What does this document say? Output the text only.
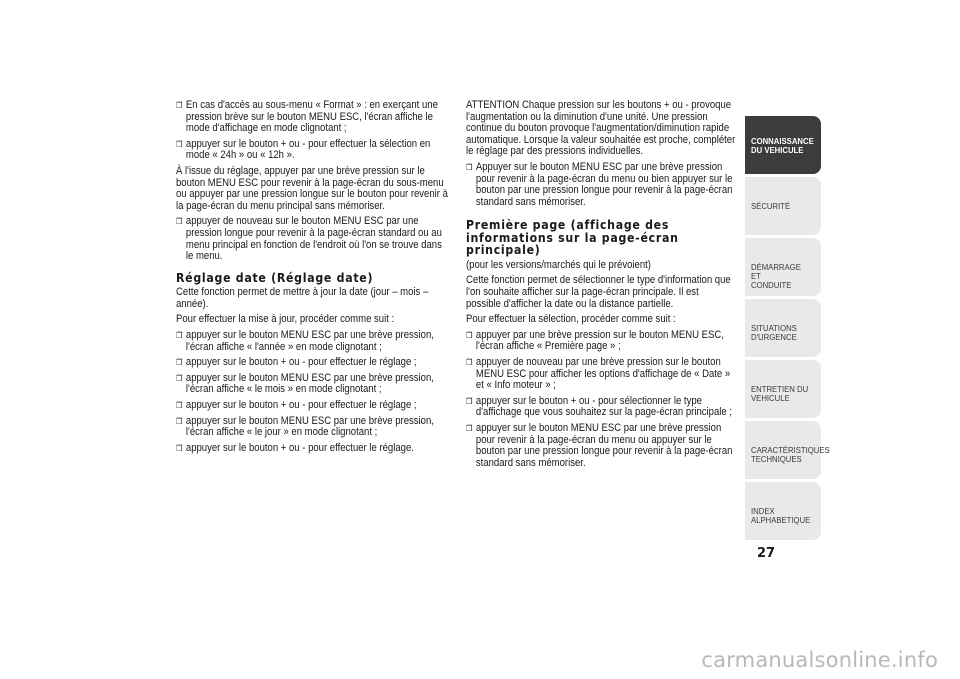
❒ En cas d'accès au sous-menu « Format » : en exerçant une pression brève sur le bouton MENU ESC, l'écran affiche le mode d'affichage en mode clignotant ;
❒ appuyer sur le bouton + ou - pour effectuer la sélection en mode « 24h » ou « 12h ».
À l'issue du réglage, appuyer par une brève pression sur le bouton MENU ESC pour revenir à la page-écran du sous-menu ou appuyer par une pression longue sur le bouton pour revenir à la page-écran du menu principal sans mémoriser.
❒ appuyer de nouveau sur le bouton MENU ESC par une pression longue pour revenir à la page-écran standard ou au menu principal en fonction de l'endroit où l'on se trouve dans le menu.
Réglage date (Réglage date)
Cette fonction permet de mettre à jour la date (jour – mois – année).
Pour effectuer la mise à jour, procéder comme suit :
❒ appuyer sur le bouton MENU ESC par une brève pression, l'écran affiche « l'année » en mode clignotant ;
❒ appuyer sur le bouton + ou - pour effectuer le réglage ;
❒ appuyer sur le bouton MENU ESC par une brève pression, l'écran affiche « le mois » en mode clignotant ;
❒ appuyer sur le bouton + ou - pour effectuer le réglage ;
❒ appuyer sur le bouton MENU ESC par une brève pression, l'écran affiche « le jour » en mode clignotant ;
❒ appuyer sur le bouton + ou - pour effectuer le réglage.
ATTENTION Chaque pression sur les boutons + ou - provoque l'augmentation ou la diminution d'une unité. Une pression continue du bouton provoque l'augmentation/diminution rapide automatique. Lorsque la valeur souhaitée est proche, compléter le réglage par des pressions individuelles.
❒ Appuyer sur le bouton MENU ESC par une brève pression pour revenir à la page-écran du menu ou bien appuyer sur le bouton par une pression longue pour revenir à la page-écran standard sans mémoriser.
Première page (affichage des informations sur la page-écran principale)
(pour les versions/marchés qui le prévoient)
Cette fonction permet de sélectionner le type d'information que l'on souhaite afficher sur la page-écran principale. Il est possible d'afficher la date ou la distance partielle.
Pour effectuer la sélection, procéder comme suit :
❒ appuyer par une brève pression sur le bouton MENU ESC, l'écran affiche « Première page » ;
❒ appuyer de nouveau par une brève pression sur le bouton MENU ESC pour afficher les options d'affichage de « Date » et « Info moteur » ;
❒ appuyer sur le bouton + ou - pour sélectionner le type d'affichage que vous souhaitez sur la page-écran principale ;
❒ appuyer sur le bouton MENU ESC par une brève pression pour revenir à la page-écran du menu ou appuyer sur le bouton par une pression longue pour revenir à la page-écran standard sans mémoriser.
CONNAISSANCE
DU VEHICULE
SÉCURITÉ
DÉMARRAGE ET
CONDUITE
SITUATIONS
D'URGENCE
ENTRETIEN DU
VEHICULE
CARACTÉRISTIQUES
TECHNIQUES
INDEX
ALPHABETIQUE
27
carmanualsonline.info
